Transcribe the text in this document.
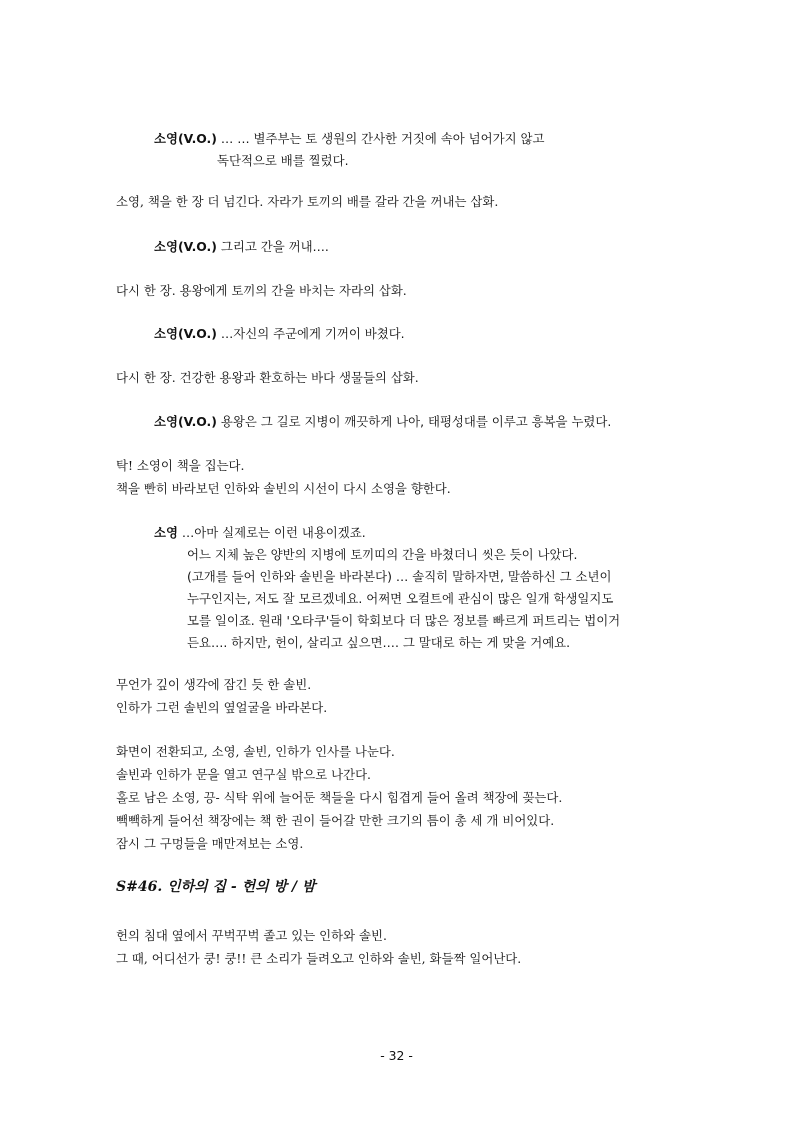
소영(V.O.) … … 별주부는 토 생원의 간사한 거짓에 속아 넘어가지 않고
독단적으로 배를 찔렀다.
소영, 책을 한 장 더 넘긴다. 자라가 토끼의 배를 갈라 간을 꺼내는 삽화.
소영(V.O.) 그리고 간을 꺼내….
다시 한 장. 용왕에게 토끼의 간을 바치는 자라의 삽화.
소영(V.O.) …자신의 주군에게 기꺼이 바쳤다.
다시 한 장. 건강한 용왕과 환호하는 바다 생물들의 삽화.
소영(V.O.) 용왕은 그 길로 지병이 깨끗하게 나아, 태평성대를 이루고 흥복을 누렸다.
탁! 소영이 책을 집는다.
책을 빤히 바라보던 인하와 솔빈의 시선이 다시 소영을 향한다.
소영 …아마 실제로는 이런 내용이겠죠.
어느 지체 높은 양반의 지병에 토끼띠의 간을 바쳤더니 씻은 듯이 나았다.
(고개를 들어 인하와 솔빈을 바라본다) … 솔직히 말하자면, 말씀하신 그 소년이
누구인지는, 저도 잘 모르겠네요. 어쩌면 오컬트에 관심이 많은 일개 학생일지도
모를 일이죠. 원래 '오타쿠'들이 학회보다 더 많은 정보를 빠르게 퍼트리는 법이거
든요…. 하지만, 헌이, 살리고 싶으면…. 그 말대로 하는 게 맞을 거예요.
무언가 깊이 생각에 잠긴 듯 한 솔빈.
인하가 그런 솔빈의 옆얼굴을 바라본다.
화면이 전환되고, 소영, 솔빈, 인하가 인사를 나눈다.
솔빈과 인하가 문을 열고 연구실 밖으로 나간다.
홀로 남은 소영, 끙- 식탁 위에 늘어둔 책들을 다시 힘겹게 들어 올려 책장에 꽂는다.
빽빽하게 들어선 책장에는 책 한 권이 들어갈 만한 크기의 틈이 총 세 개 비어있다.
잠시 그 구멍들을 매만져보는 소영.
S#46. 인하의 집 - 헌의 방 / 밤
헌의 침대 옆에서 꾸벅꾸벅 졸고 있는 인하와 솔빈.
그 때, 어디선가 쿵! 쿵!! 큰 소리가 들려오고 인하와 솔빈, 화들짝 일어난다.
- 32 -
